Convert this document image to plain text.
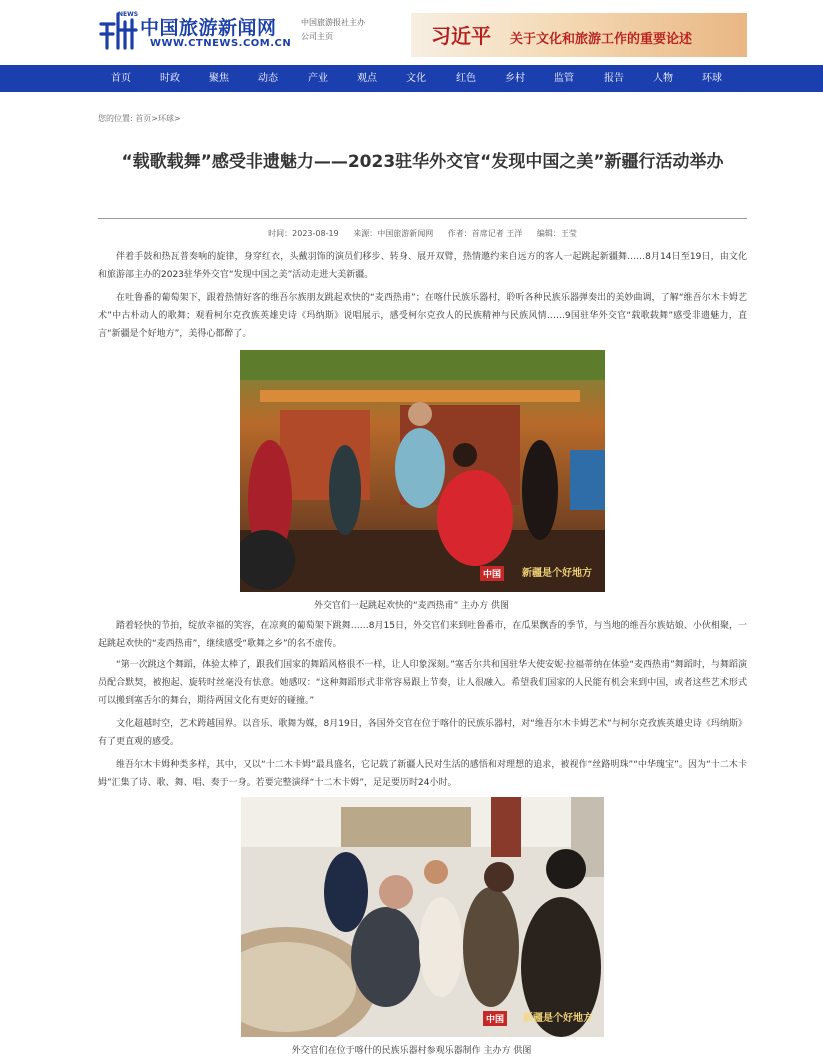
NEWS
中国旅游新闻网
WWW.CTNEWS.COM.CN
中国旅游报社主办
公司主页	习近平 关于文化和旅游工作的重要论述
首页	时政	聚焦	动态	产业	观点	文化	红色	乡村	监管	报告	人物	环球
您的位置: 首页>环球>
“载歌载舞”感受非遗魅力——2023驻华外交官“发现中国之美”新疆行活动举办
时间：2023-08-19 来源：中国旅游新闻网 作者：首席记者 王洋 编辑：王莹

伴着手鼓和热瓦普奏响的旋律，身穿红衣，头戴羽饰的演员们移步、转身、展开双臂，热情邀约来自远方的客人一起跳起新疆舞……8月14日至19日，由文化和旅游部主办的2023驻华外交官“发现中国之美”活动走进大美新疆。

在吐鲁番的葡萄架下，跟着热情好客的维吾尔族朋友跳起欢快的“麦西热甫”；在喀什民族乐器村，聆听各种民族乐器弹奏出的美妙曲调，了解“维吾尔木卡姆艺术”中古朴动人的歌舞；观看柯尔克孜族英雄史诗《玛纳斯》说唱展示，感受柯尔克孜人的民族精神与民族风情……9国驻华外交官“载歌载舞”感受非遗魅力，直言“新疆是个好地方”，美得心都醉了。

中国	新疆是个好地方
外交官们一起跳起欢快的“麦西热甫” 主办方 供图

踏着轻快的节拍，绽放幸福的笑容，在凉爽的葡萄架下跳舞……8月15日，外交官们来到吐鲁番市，在瓜果飘香的季节，与当地的维吾尔族姑娘、小伙相聚，一起跳起欢快的“麦西热甫”，继续感受“歌舞之乡”的名不虚传。

“第一次跳这个舞蹈，体验太棒了，跟我们国家的舞蹈风格很不一样，让人印象深刻。”塞舌尔共和国驻华大使安妮·拉福蒂纳在体验“麦西热甫”舞蹈时，与舞蹈演员配合默契，被抱起、旋转时丝毫没有怯意。她感叹：“这种舞蹈形式非常容易跟上节奏，让人很融入。希望我们国家的人民能有机会来到中国，或者这些艺术形式可以搬到塞舌尔的舞台，期待两国文化有更好的碰撞。”

文化超越时空，艺术跨越国界。以音乐、歌舞为媒，8月19日，各国外交官在位于喀什的民族乐器村，对“维吾尔木卡姆艺术”与柯尔克孜族英雄史诗《玛纳斯》有了更直观的感受。

维吾尔木卡姆种类多样，其中，又以“十二木卡姆”最具盛名，它记载了新疆人民对生活的感悟和对理想的追求，被视作“丝路明珠”“中华瑰宝”。因为“十二木卡姆”汇集了诗、歌、舞、唱、奏于一身。若要完整演绎“十二木卡姆”，足足要历时24小时。

中国	新疆是个好地方
外交官们在位于喀什的民族乐器村参观乐器制作 主办方 供图
